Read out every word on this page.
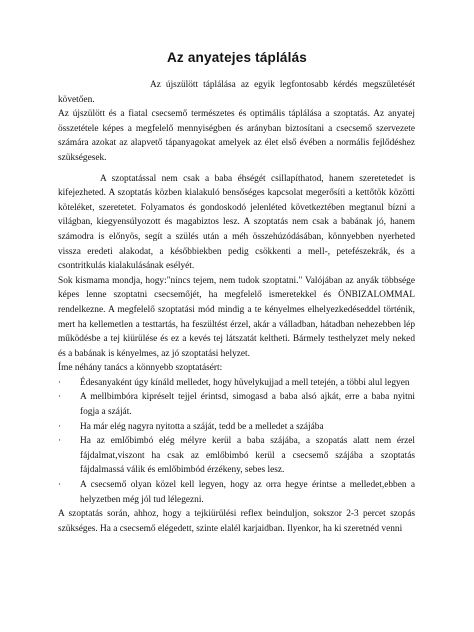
Az anyatejes táplálás

Az újszülött táplálása az egyik legfontosabb kérdés megszületését követően.

Az újszülött és a fiatal csecsemő természetes és optimális táplálása a szoptatás. Az anyatej összetétele képes a megfelelő mennyiségben és arányban biztosítani a csecsemő szervezete számára azokat az alapvető tápanyagokat amelyek az élet első évében a normális fejlődéshez szükségesek.

A szoptatással nem csak a baba éhségét csillapíthatod, hanem szeretetedet is kifejezheted. A szoptatás közben kialakuló bensőséges kapcsolat megerősíti a kettőtök közötti köteléket, szeretetet. Folyamatos és gondoskodó jelenléted következtében megtanul bízni a világban, kiegyensúlyozott és magabiztos lesz. A szoptatás nem csak a babának jó, hanem számodra is előnyös, segít a szülés után a méh összehúzódásában, könnyebben nyerheted vissza eredeti alakodat, a későbbiekben pedig csökkenti a mell-, petefészekrák, és a csontritkulás kialakulásának esélyét.

Sok kismama mondja, hogy:"nincs tejem, nem tudok szoptatni." Valójában az anyák többsége képes lenne szoptatni csecsemőjét, ha megfelelő ismeretekkel és ÖNBIZALOMMAL rendelkezne. A megfelelő szoptatási mód mindig a te kényelmes elhelyezkedéseddel történik, mert ha kellemetlen a testtartás, ha feszültést érzel, akár a válladban, hátadban nehezebben lép működésbe a tej kiürülése és ez a kevés tej látszatát keltheti. Bármely testhelyzet mely neked és a babának is kényelmes, az jó szoptatási helyzet.

Íme néhány tanács a könnyebb szoptatásért:

·	Édesanyaként úgy kínáld melledet, hogy hüvelykujjad a mell tetején, a többi alul legyen
·	A mellbimbóra kipréselt tejjel érintsd, simogasd a baba alsó ajkát, erre a baba nyitni fogja a száját.
·	Ha már elég nagyra nyitotta a száját, tedd be a melledet a szájába
·	Ha az emlőbimbó elég mélyre kerül a baba szájába, a szopatás alatt nem érzel fájdalmat,viszont ha csak az emlőbimbó kerül a csecsemő szájába a szoptatás fájdalmassá válik és emlőbimbód érzékeny, sebes lesz.
·	A csecsemő olyan közel kell legyen, hogy az orra hegye érintse a melledet,ebben a helyzetben még jól tud lélegezni.

A szoptatás során, ahhoz, hogy a tejkiürülési reflex beinduljon, sokszor 2-3 percet szopás szükséges. Ha a csecsemő elégedett, szinte elalél karjaidban. Ilyenkor, ha ki szeretnéd venni
